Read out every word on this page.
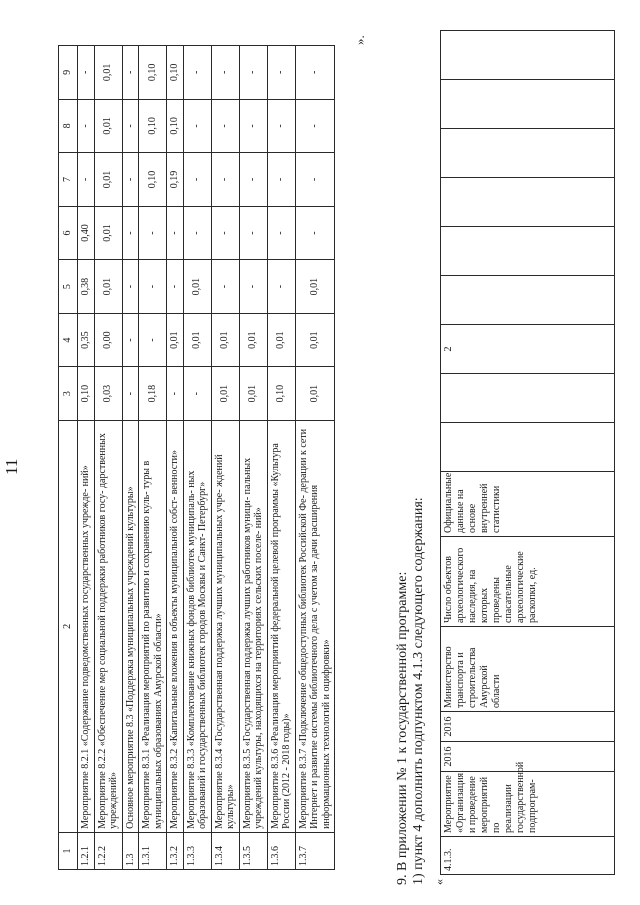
11
1	2	3	4	5	6	7	8	9
1.2.1	Мероприятие 8.2.1 «Содержание подведомственных государственных учрежде- ний»	0,10	0,35	0,38	0,40	-	-	-
1.2.2	Мероприятие 8.2.2 «Обеспечение мер социальной поддержки работников госу- дарственных учреждений»	0,03	0,00	0,01	0,01	0,01	0,01	0,01
1.3	Основное мероприятие 8.3 «Поддержка муниципальных учреждений культуры»	-	-	-	-	-	-	-
1.3.1	Мероприятие 8.3.1 «Реализация мероприятий по развитию и сохранению куль- туры в муниципальных образованиях Амурской области»	0,18	-	-	-	0,10	0,10	0,10
1.3.2	Мероприятие 8.3.2 «Капитальные вложения в объекты муниципальной собст- венности»	-	0,01	-	-	0,19	0,10	0,10
1.3.3	Мероприятие 8.3.3 «Комплектование книжных фондов библиотек муниципаль- ных образований и государственных библиотек городов Москвы и Санкт- Петербург»	-	0,01	0,01	-	-	-	-
1.3.4	Мероприятие 8.3.4 «Государственная поддержка лучших муниципальных учре- ждений культуры»	0,01	0,01	-	-	-	-	-
1.3.5	Мероприятие 8.3.5 «Государственная поддержка лучших работников муници- пальных учреждений культуры, находящихся на территориях сельских поселе- ний»	0,01	0,01	-	-	-	-	-
1.3.6	Мероприятие 8.3.6 «Реализация мероприятий федеральной целевой программы «Культура России (2012 - 2018 годы)»	0,10	0,01	-	-	-	-	-
1.3.7	Мероприятие 8.3.7 «Подключение общедоступных библиотек Российской Фе- дерации к сети Интернет и развитие системы библиотечного дела с учетом за- дачи расширения информационных технологий и оцифровки»	0,01	0,01	0,01	-	-	-	-
».
9. В приложении № 1 к государственной программе: 1) пункт 4 дополнить подпунктом 4.1.3 следующего содержания: «
4.1.3.	Мероприятие «Организация и проведение мероприятий по реализации государственной подпрограм-	2016	2016	Министерство транспорта и строительства Амурской области	Число объектов археологического наследия, на которых проведены спасательные археологические раскопки, ед.	Официальные данные на основе внутренней статистики			2						
